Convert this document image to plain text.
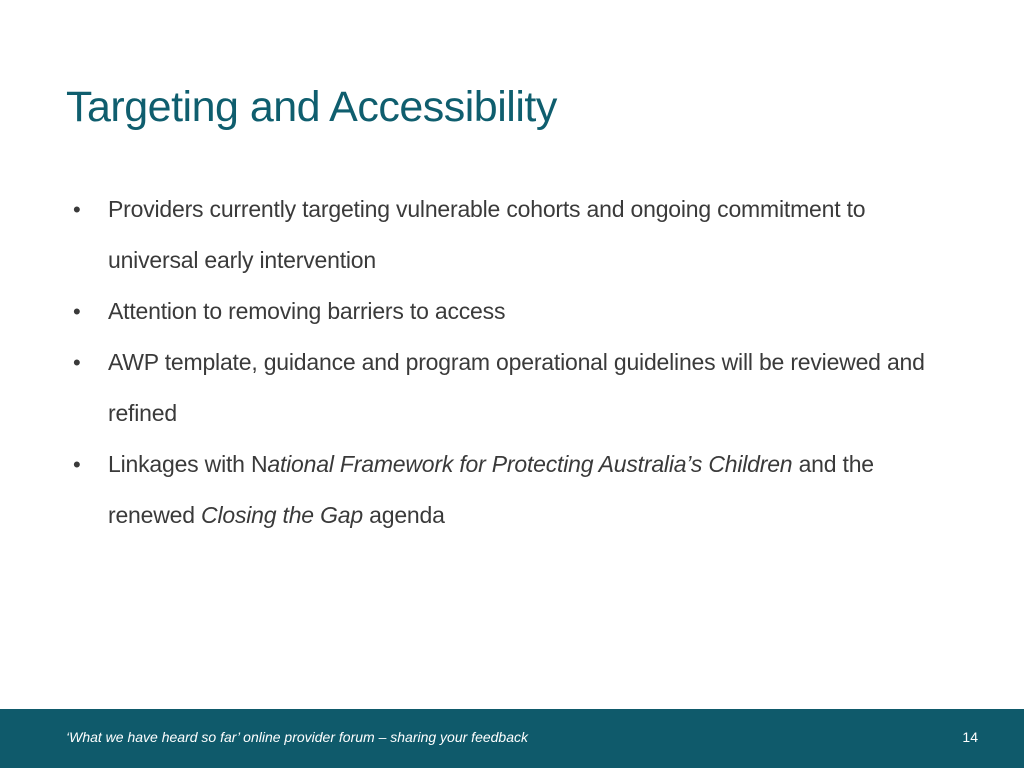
Targeting and Accessibility
• Providers currently targeting vulnerable cohorts and ongoing commitment to universal early intervention
• Attention to removing barriers to access
• AWP template, guidance and program operational guidelines will be reviewed and refined
• Linkages with National Framework for Protecting Australia’s Children and the renewed Closing the Gap agenda
‘What we have heard so far’ online provider forum – sharing your feedback	14
